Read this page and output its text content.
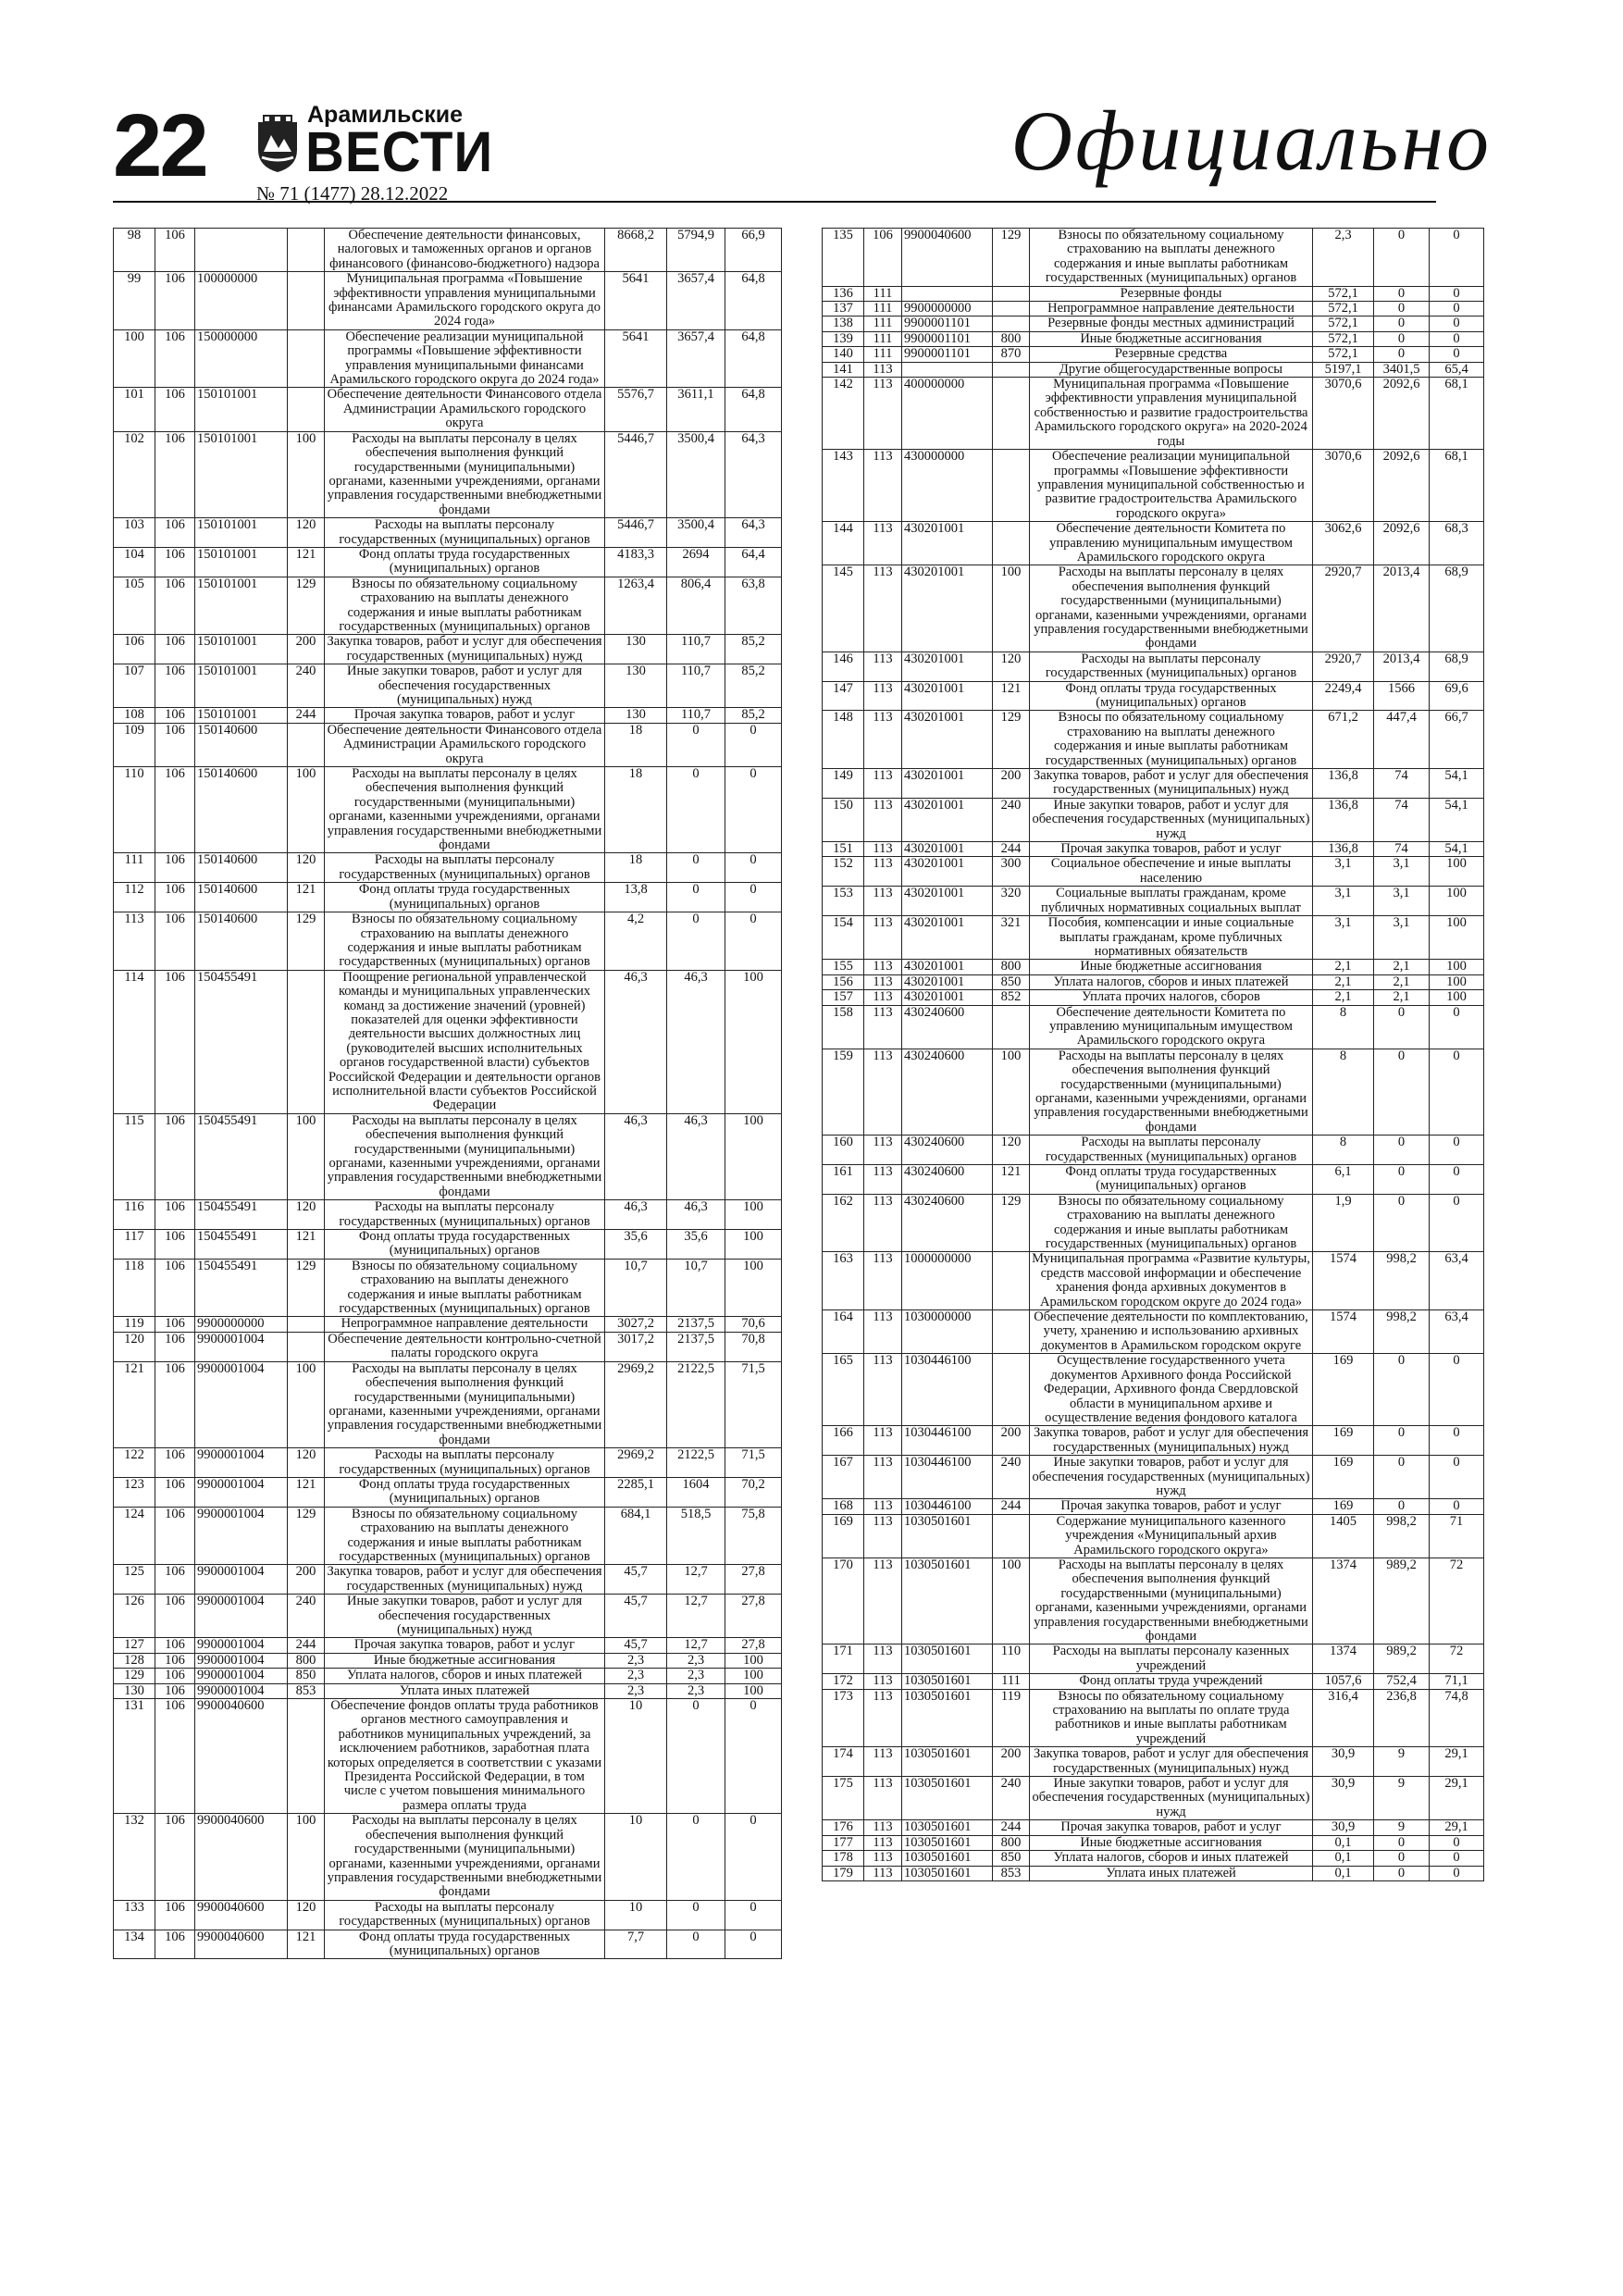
22	Арамильские
ВЕСТИ
№ 71 (1477) 28.12.2022
Официально
98	106			Обеспечение деятельности финансовых, налоговых и таможенных органов и органов финансового (финансово-бюджетного) надзора	8668,2	5794,9	66,9
99	106	100000000		Муниципальная программа «Повышение эффективности управления муниципальными финансами Арамильского городского округа до 2024 года»	5641	3657,4	64,8
100	106	150000000		Обеспечение реализации муниципальной программы «Повышение эффективности управления муниципальными финансами Арамильского городского округа до 2024 года»	5641	3657,4	64,8
101	106	150101001		Обеспечение деятельности Финансового отдела Администрации Арамильского городского округа	5576,7	3611,1	64,8
102	106	150101001	100	Расходы на выплаты персоналу в целях обеспечения выполнения функций государственными (муниципальными) органами, казенными учреждениями, органами управления государственными внебюджетными фондами	5446,7	3500,4	64,3
103	106	150101001	120	Расходы на выплаты персоналу государственных (муниципальных) органов	5446,7	3500,4	64,3
104	106	150101001	121	Фонд оплаты труда государственных (муниципальных) органов	4183,3	2694	64,4
105	106	150101001	129	Взносы по обязательному социальному страхованию на выплаты денежного содержания и иные выплаты работникам государственных (муниципальных) органов	1263,4	806,4	63,8
106	106	150101001	200	Закупка товаров, работ и услуг для обеспечения государственных (муниципальных) нужд	130	110,7	85,2
107	106	150101001	240	Иные закупки товаров, работ и услуг для обеспечения государственных (муниципальных) нужд	130	110,7	85,2
108	106	150101001	244	Прочая закупка товаров, работ и услуг	130	110,7	85,2
109	106	150140600		Обеспечение деятельности Финансового отдела Администрации Арамильского городского округа	18	0	0
110	106	150140600	100	Расходы на выплаты персоналу в целях обеспечения выполнения функций государственными (муниципальными) органами, казенными учреждениями, органами управления государственными внебюджетными фондами	18	0	0
111	106	150140600	120	Расходы на выплаты персоналу государственных (муниципальных) органов	18	0	0
112	106	150140600	121	Фонд оплаты труда государственных (муниципальных) органов	13,8	0	0
113	106	150140600	129	Взносы по обязательному социальному страхованию на выплаты денежного содержания и иные выплаты работникам государственных (муниципальных) органов	4,2	0	0
114	106	150455491		Поощрение региональной управленческой команды и муниципальных управленческих команд за достижение значений (уровней) показателей для оценки эффективности деятельности высших должностных лиц (руководителей высших исполнительных органов государственной власти) субъектов Российской Федерации и деятельности органов исполнительной власти субъектов Российской Федерации	46,3	46,3	100
115	106	150455491	100	Расходы на выплаты персоналу в целях обеспечения выполнения функций государственными (муниципальными) органами, казенными учреждениями, органами управления государственными внебюджетными фондами	46,3	46,3	100
116	106	150455491	120	Расходы на выплаты персоналу государственных (муниципальных) органов	46,3	46,3	100
117	106	150455491	121	Фонд оплаты труда государственных (муниципальных) органов	35,6	35,6	100
118	106	150455491	129	Взносы по обязательному социальному страхованию на выплаты денежного содержания и иные выплаты работникам государственных (муниципальных) органов	10,7	10,7	100
119	106	9900000000		Непрограммное направление деятельности	3027,2	2137,5	70,6
120	106	9900001004		Обеспечение деятельности контрольно-счетной палаты городского округа	3017,2	2137,5	70,8
121	106	9900001004	100	Расходы на выплаты персоналу в целях обеспечения выполнения функций государственными (муниципальными) органами, казенными учреждениями, органами управления государственными внебюджетными фондами	2969,2	2122,5	71,5
122	106	9900001004	120	Расходы на выплаты персоналу государственных (муниципальных) органов	2969,2	2122,5	71,5
123	106	9900001004	121	Фонд оплаты труда государственных (муниципальных) органов	2285,1	1604	70,2
124	106	9900001004	129	Взносы по обязательному социальному страхованию на выплаты денежного содержания и иные выплаты работникам государственных (муниципальных) органов	684,1	518,5	75,8
125	106	9900001004	200	Закупка товаров, работ и услуг для обеспечения государственных (муниципальных) нужд	45,7	12,7	27,8
126	106	9900001004	240	Иные закупки товаров, работ и услуг для обеспечения государственных (муниципальных) нужд	45,7	12,7	27,8
127	106	9900001004	244	Прочая закупка товаров, работ и услуг	45,7	12,7	27,8
128	106	9900001004	800	Иные бюджетные ассигнования	2,3	2,3	100
129	106	9900001004	850	Уплата налогов, сборов и иных платежей	2,3	2,3	100
130	106	9900001004	853	Уплата иных платежей	2,3	2,3	100
131	106	9900040600		Обеспечение фондов оплаты труда работников органов местного самоуправления и работников муниципальных учреждений, за исключением работников, заработная плата которых определяется в соответствии с указами Президента Российской Федерации, в том числе с учетом повышения минимального размера оплаты труда	10	0	0
132	106	9900040600	100	Расходы на выплаты персоналу в целях обеспечения выполнения функций государственными (муниципальными) органами, казенными учреждениями, органами управления государственными внебюджетными фондами	10	0	0
133	106	9900040600	120	Расходы на выплаты персоналу государственных (муниципальных) органов	10	0	0
134	106	9900040600	121	Фонд оплаты труда государственных (муниципальных) органов	7,7	0	0
135	106	9900040600	129	Взносы по обязательному социальному страхованию на выплаты денежного содержания и иные выплаты работникам государственных (муниципальных) органов	2,3	0	0
136	111			Резервные фонды	572,1	0	0
137	111	9900000000		Непрограммное направление деятельности	572,1	0	0
138	111	9900001101		Резервные фонды местных администраций	572,1	0	0
139	111	9900001101	800	Иные бюджетные ассигнования	572,1	0	0
140	111	9900001101	870	Резервные средства	572,1	0	0
141	113			Другие общегосударственные вопросы	5197,1	3401,5	65,4
142	113	400000000		Муниципальная программа «Повышение эффективности управления муниципальной собственностью и развитие градостроительства Арамильского городского округа» на 2020-2024 годы	3070,6	2092,6	68,1
143	113	430000000		Обеспечение реализации муниципальной программы «Повышение эффективности управления муниципальной собственностью и развитие градостроительства Арамильского городского округа»	3070,6	2092,6	68,1
144	113	430201001		Обеспечение деятельности Комитета по управлению муниципальным имуществом Арамильского городского округа	3062,6	2092,6	68,3
145	113	430201001	100	Расходы на выплаты персоналу в целях обеспечения выполнения функций государственными (муниципальными) органами, казенными учреждениями, органами управления государственными внебюджетными фондами	2920,7	2013,4	68,9
146	113	430201001	120	Расходы на выплаты персоналу государственных (муниципальных) органов	2920,7	2013,4	68,9
147	113	430201001	121	Фонд оплаты труда государственных (муниципальных) органов	2249,4	1566	69,6
148	113	430201001	129	Взносы по обязательному социальному страхованию на выплаты денежного содержания и иные выплаты работникам государственных (муниципальных) органов	671,2	447,4	66,7
149	113	430201001	200	Закупка товаров, работ и услуг для обеспечения государственных (муниципальных) нужд	136,8	74	54,1
150	113	430201001	240	Иные закупки товаров, работ и услуг для обеспечения государственных (муниципальных) нужд	136,8	74	54,1
151	113	430201001	244	Прочая закупка товаров, работ и услуг	136,8	74	54,1
152	113	430201001	300	Социальное обеспечение и иные выплаты населению	3,1	3,1	100
153	113	430201001	320	Социальные выплаты гражданам, кроме публичных нормативных социальных выплат	3,1	3,1	100
154	113	430201001	321	Пособия, компенсации и иные социальные выплаты гражданам, кроме публичных нормативных обязательств	3,1	3,1	100
155	113	430201001	800	Иные бюджетные ассигнования	2,1	2,1	100
156	113	430201001	850	Уплата налогов, сборов и иных платежей	2,1	2,1	100
157	113	430201001	852	Уплата прочих налогов, сборов	2,1	2,1	100
158	113	430240600		Обеспечение деятельности Комитета по управлению муниципальным имуществом Арамильского городского округа	8	0	0
159	113	430240600	100	Расходы на выплаты персоналу в целях обеспечения выполнения функций государственными (муниципальными) органами, казенными учреждениями, органами управления государственными внебюджетными фондами	8	0	0
160	113	430240600	120	Расходы на выплаты персоналу государственных (муниципальных) органов	8	0	0
161	113	430240600	121	Фонд оплаты труда государственных (муниципальных) органов	6,1	0	0
162	113	430240600	129	Взносы по обязательному социальному страхованию на выплаты денежного содержания и иные выплаты работникам государственных (муниципальных) органов	1,9	0	0
163	113	1000000000		Муниципальная программа «Развитие культуры, средств массовой информации и обеспечение хранения фонда архивных документов в Арамильском городском округе до 2024 года»	1574	998,2	63,4
164	113	1030000000		Обеспечение деятельности по комплектованию, учету, хранению и использованию архивных документов в Арамильском городском округе	1574	998,2	63,4
165	113	1030446100		Осуществление государственного учета документов Архивного фонда Российской Федерации, Архивного фонда Свердловской области в муниципальном архиве и осуществление ведения фондового каталога	169	0	0
166	113	1030446100	200	Закупка товаров, работ и услуг для обеспечения государственных (муниципальных) нужд	169	0	0
167	113	1030446100	240	Иные закупки товаров, работ и услуг для обеспечения государственных (муниципальных) нужд	169	0	0
168	113	1030446100	244	Прочая закупка товаров, работ и услуг	169	0	0
169	113	1030501601		Содержание муниципального казенного учреждения «Муниципальный архив Арамильского городского округа»	1405	998,2	71
170	113	1030501601	100	Расходы на выплаты персоналу в целях обеспечения выполнения функций государственными (муниципальными) органами, казенными учреждениями, органами управления государственными внебюджетными фондами	1374	989,2	72
171	113	1030501601	110	Расходы на выплаты персоналу казенных учреждений	1374	989,2	72
172	113	1030501601	111	Фонд оплаты труда учреждений	1057,6	752,4	71,1
173	113	1030501601	119	Взносы по обязательному социальному страхованию на выплаты по оплате труда работников и иные выплаты работникам учреждений	316,4	236,8	74,8
174	113	1030501601	200	Закупка товаров, работ и услуг для обеспечения государственных (муниципальных) нужд	30,9	9	29,1
175	113	1030501601	240	Иные закупки товаров, работ и услуг для обеспечения государственных (муниципальных) нужд	30,9	9	29,1
176	113	1030501601	244	Прочая закупка товаров, работ и услуг	30,9	9	29,1
177	113	1030501601	800	Иные бюджетные ассигнования	0,1	0	0
178	113	1030501601	850	Уплата налогов, сборов и иных платежей	0,1	0	0
179	113	1030501601	853	Уплата иных платежей	0,1	0	0
